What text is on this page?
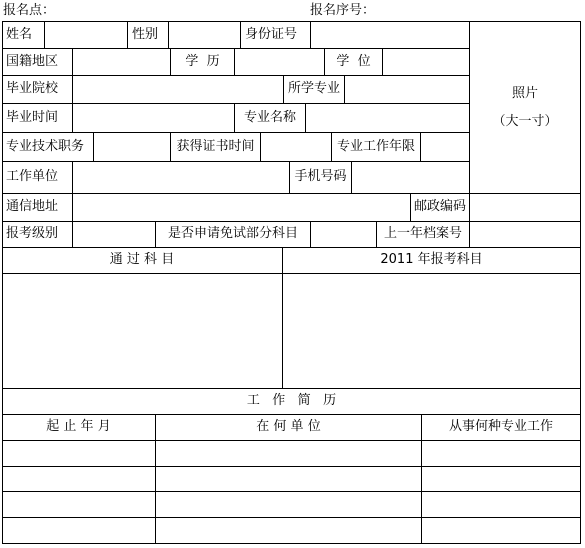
报名点：	报名序号：
姓名	性别	身份证号
国籍地区	学  历	学  位
毕业院校	所学专业
毕业时间	专业名称
专业技术职务	获得证书时间	专业工作年限
工作单位	手机号码
照片
（大一寸）
通信地址	邮政编码
报考级别	是否申请免试部分科目	上一年档案号
通 过 科 目	2011 年报考科目
工   作   简   历
起 止 年 月	在 何 单 位	从事何种专业工作
